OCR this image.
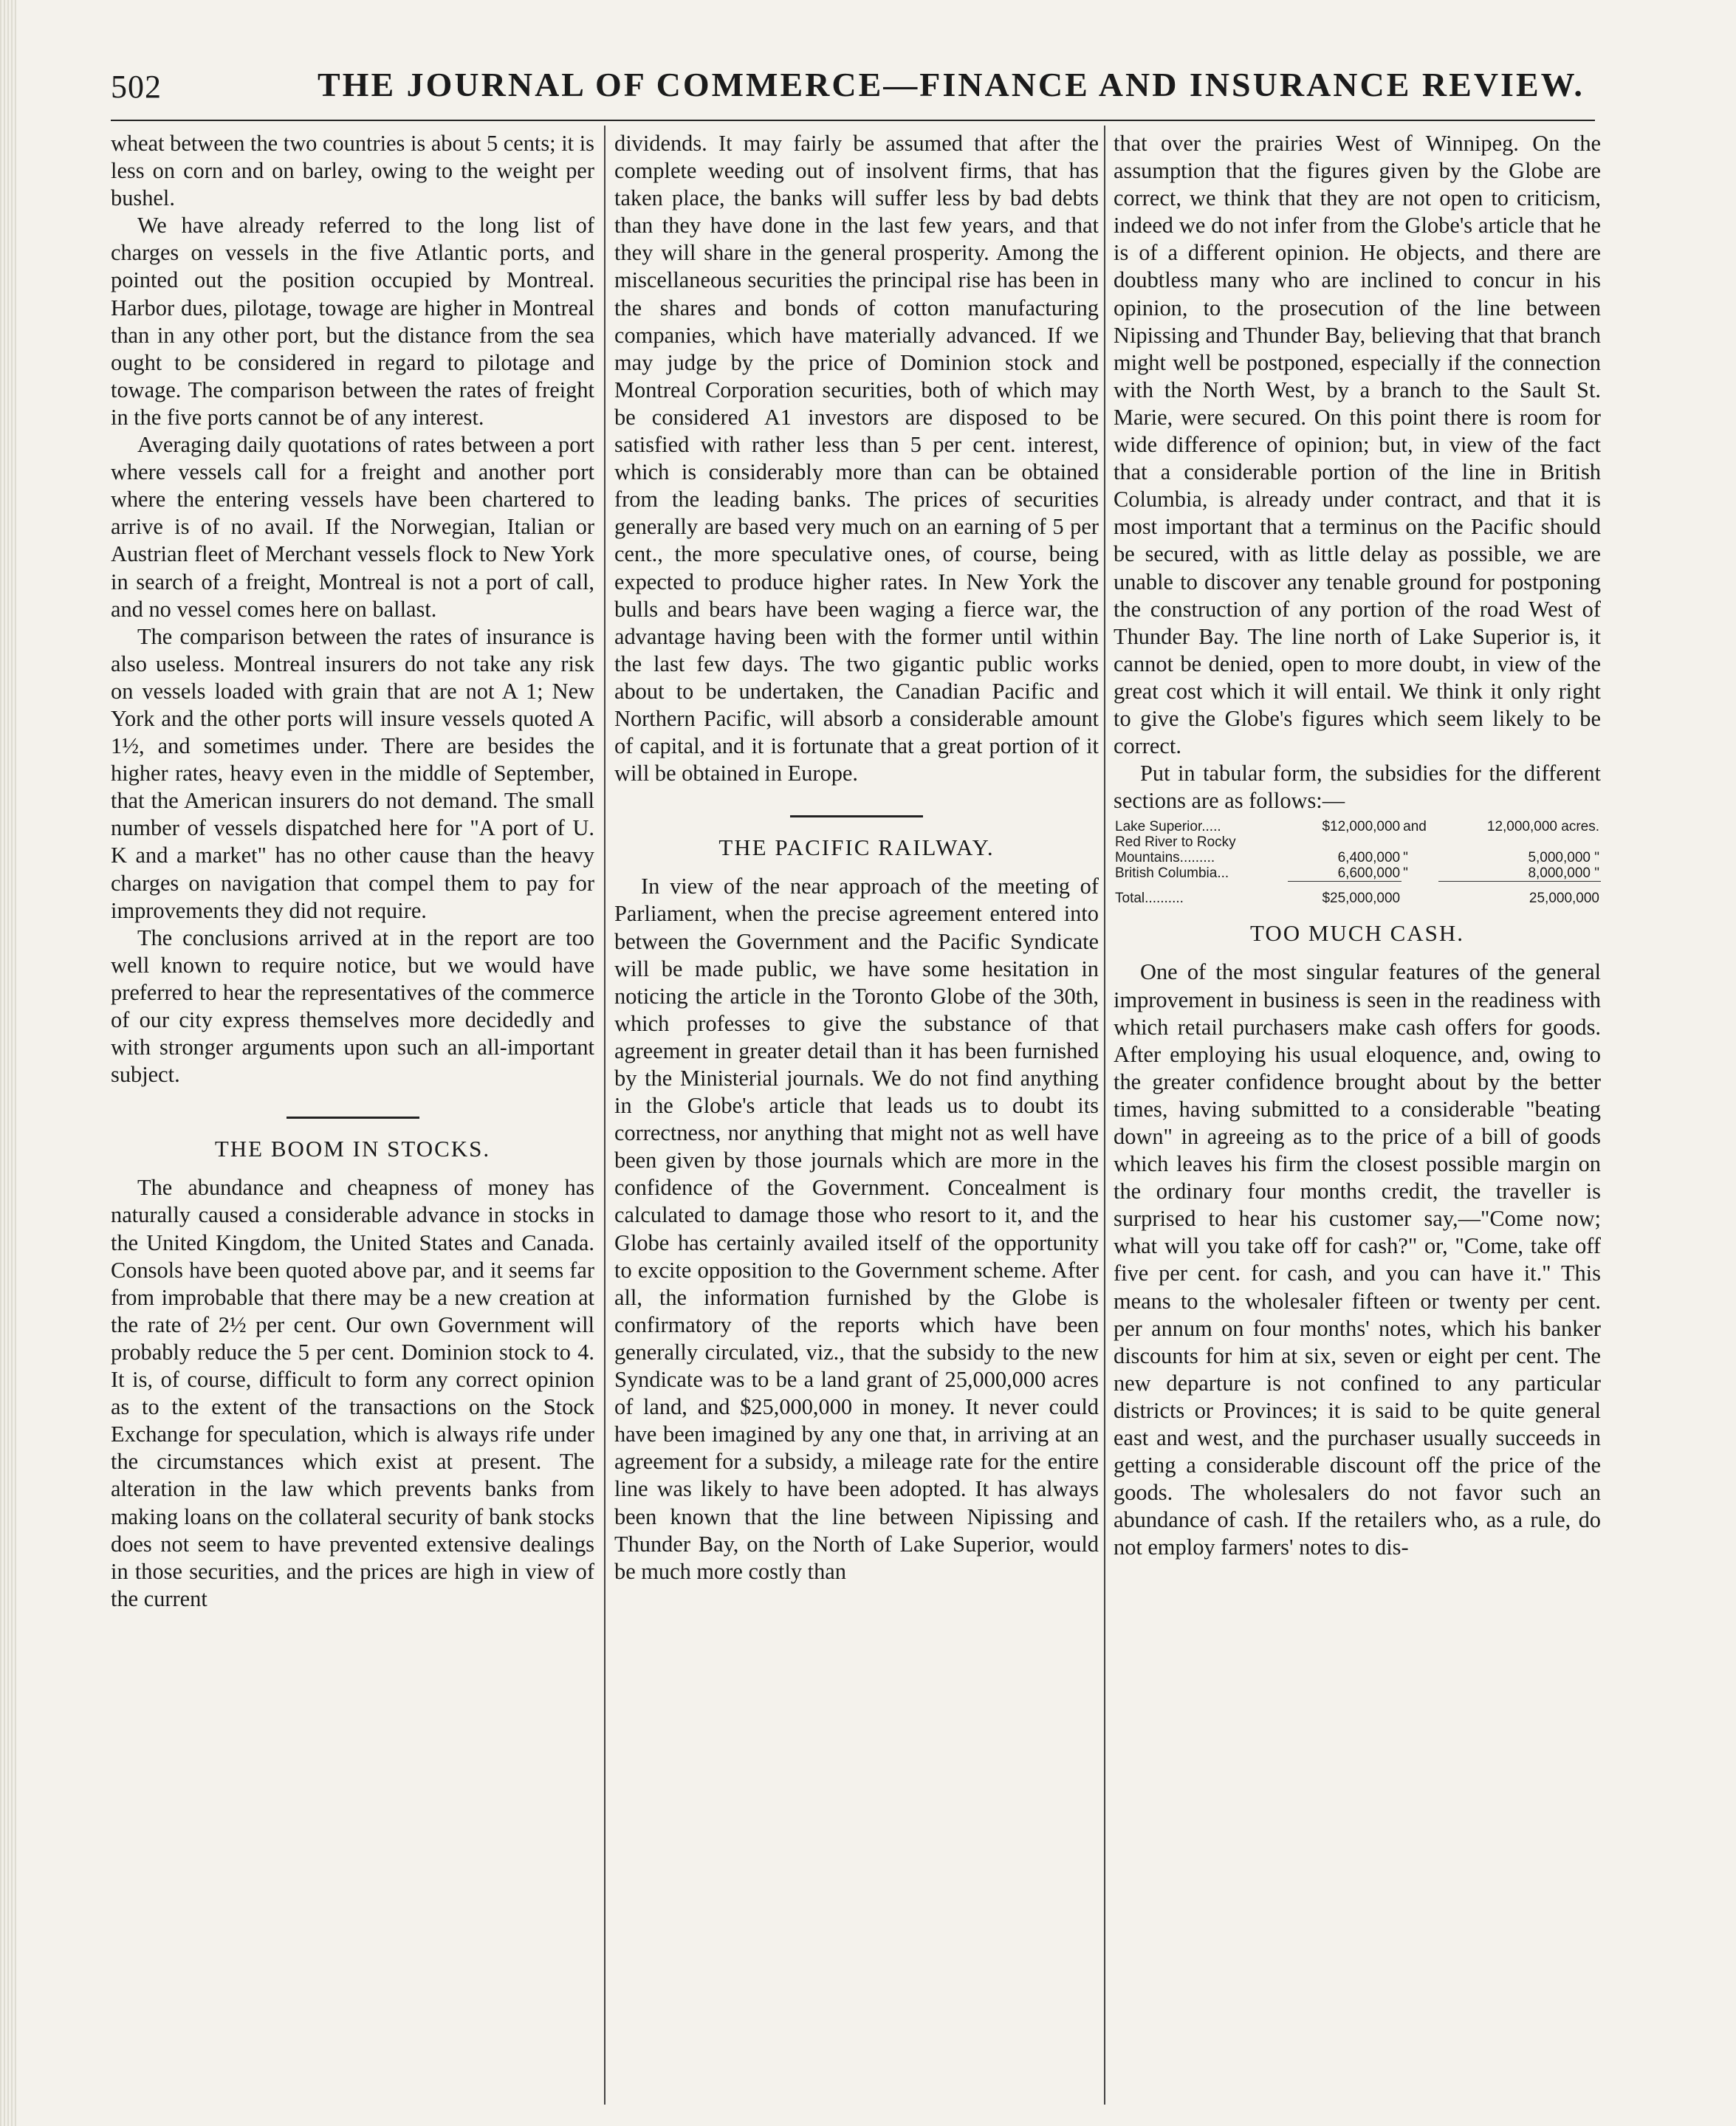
502	THE JOURNAL OF COMMERCE—FINANCE AND INSURANCE REVIEW.

wheat between the two countries is about 5 cents; it is less on corn and on barley, owing to the weight per bushel.

We have already referred to the long list of charges on vessels in the five Atlantic ports, and pointed out the position occupied by Montreal. Harbor dues, pilotage, towage are higher in Montreal than in any other port, but the distance from the sea ought to be considered in regard to pilotage and towage. The comparison between the rates of freight in the five ports cannot be of any interest.

Averaging daily quotations of rates between a port where vessels call for a freight and another port where the entering vessels have been chartered to arrive is of no avail. If the Norwegian, Italian or Austrian fleet of Merchant vessels flock to New York in search of a freight, Montreal is not a port of call, and no vessel comes here on ballast.

The comparison between the rates of insurance is also useless. Montreal insurers do not take any risk on vessels loaded with grain that are not A 1; New York and the other ports will insure vessels quoted A 1½, and sometimes under. There are besides the higher rates, heavy even in the middle of September, that the American insurers do not demand. The small number of vessels dispatched here for "A port of U. K and a market" has no other cause than the heavy charges on navigation that compel them to pay for improvements they did not require.

The conclusions arrived at in the report are too well known to require notice, but we would have preferred to hear the representatives of the commerce of our city express themselves more decidedly and with stronger arguments upon such an all-important subject.

THE BOOM IN STOCKS.

The abundance and cheapness of money has naturally caused a considerable advance in stocks in the United Kingdom, the United States and Canada. Consols have been quoted above par, and it seems far from improbable that there may be a new creation at the rate of 2½ per cent. Our own Government will probably reduce the 5 per cent. Dominion stock to 4. It is, of course, difficult to form any correct opinion as to the extent of the transactions on the Stock Exchange for speculation, which is always rife under the circumstances which exist at present. The alteration in the law which prevents banks from making loans on the collateral security of bank stocks does not seem to have prevented extensive dealings in those securities, and the prices are high in view of the current

dividends. It may fairly be assumed that after the complete weeding out of insolvent firms, that has taken place, the banks will suffer less by bad debts than they have done in the last few years, and that they will share in the general prosperity. Among the miscellaneous securities the principal rise has been in the shares and bonds of cotton manufacturing companies, which have materially advanced. If we may judge by the price of Dominion stock and Montreal Corporation securities, both of which may be considered A1 investors are disposed to be satisfied with rather less than 5 per cent. interest, which is considerably more than can be obtained from the leading banks. The prices of securities generally are based very much on an earning of 5 per cent., the more speculative ones, of course, being expected to produce higher rates. In New York the bulls and bears have been waging a fierce war, the advantage having been with the former until within the last few days. The two gigantic public works about to be undertaken, the Canadian Pacific and Northern Pacific, will absorb a considerable amount of capital, and it is fortunate that a great portion of it will be obtained in Europe.

THE PACIFIC RAILWAY.

In view of the near approach of the meeting of Parliament, when the precise agreement entered into between the Government and the Pacific Syndicate will be made public, we have some hesitation in noticing the article in the Toronto Globe of the 30th, which professes to give the substance of that agreement in greater detail than it has been furnished by the Ministerial journals. We do not find anything in the Globe's article that leads us to doubt its correctness, nor anything that might not as well have been given by those journals which are more in the confidence of the Government. Concealment is calculated to damage those who resort to it, and the Globe has certainly availed itself of the opportunity to excite opposition to the Government scheme. After all, the information furnished by the Globe is confirmatory of the reports which have been generally circulated, viz., that the subsidy to the new Syndicate was to be a land grant of 25,000,000 acres of land, and $25,000,000 in money. It never could have been imagined by any one that, in arriving at an agreement for a subsidy, a mileage rate for the entire line was likely to have been adopted. It has always been known that the line between Nipissing and Thunder Bay, on the North of Lake Superior, would be much more costly than

that over the prairies West of Winnipeg. On the assumption that the figures given by the Globe are correct, we think that they are not open to criticism, indeed we do not infer from the Globe's article that he is of a different opinion. He objects, and there are doubtless many who are inclined to concur in his opinion, to the prosecution of the line between Nipissing and Thunder Bay, believing that that branch might well be postponed, especially if the connection with the North West, by a branch to the Sault St. Marie, were secured. On this point there is room for wide difference of opinion; but, in view of the fact that a considerable portion of the line in British Columbia, is already under contract, and that it is most important that a terminus on the Pacific should be secured, with as little delay as possible, we are unable to discover any tenable ground for postponing the construction of any portion of the road West of Thunder Bay. The line north of Lake Superior is, it cannot be denied, open to more doubt, in view of the great cost which it will entail. We think it only right to give the Globe's figures which seem likely to be correct.

Put in tabular form, the subsidies for the different sections are as follows:—

Lake Superior.....	$12,000,000	and	12,000,000 acres.
Red River to Rocky			
Mountains.........	6,400,000	"	5,000,000 "
British Columbia...	6,600,000	"	8,000,000 "
Total..........	$25,000,000		25,000,000
TOO MUCH CASH.

One of the most singular features of the general improvement in business is seen in the readiness with which retail purchasers make cash offers for goods. After employing his usual eloquence, and, owing to the greater confidence brought about by the better times, having submitted to a considerable "beating down" in agreeing as to the price of a bill of goods which leaves his firm the closest possible margin on the ordinary four months credit, the traveller is surprised to hear his customer say,—"Come now; what will you take off for cash?" or, "Come, take off five per cent. for cash, and you can have it." This means to the wholesaler fifteen or twenty per cent. per annum on four months' notes, which his banker discounts for him at six, seven or eight per cent. The new departure is not confined to any particular districts or Provinces; it is said to be quite general east and west, and the purchaser usually succeeds in getting a considerable discount off the price of the goods. The wholesalers do not favor such an abundance of cash. If the retailers who, as a rule, do not employ farmers' notes to dis-
